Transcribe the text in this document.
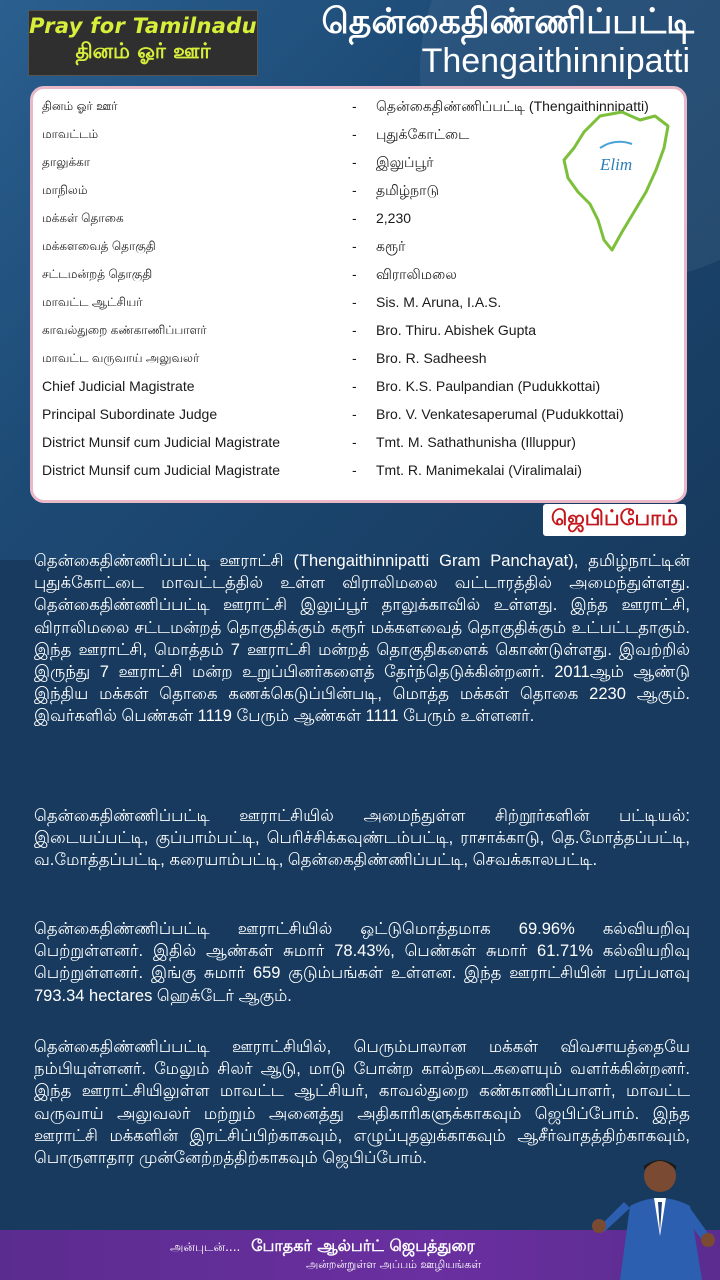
Pray for Tamilnadu
தினம் ஓர் ஊர்
தென்கைதிண்ணிப்பட்டி
Thengaithinnipatti
தினம் ஓர் ஊர்	- தென்கைதிண்ணிப்பட்டி (Thengaithinnipatti)
மாவட்டம்	- புதுக்கோட்டை
தாலுக்கா	- இலுப்பூர்
மாநிலம்	- தமிழ்நாடு
மக்கள் தொகை	- 2,230
மக்களவைத் தொகுதி	- கரூர்
சட்டமன்றத் தொகுதி	- விராலிமலை
மாவட்ட ஆட்சியர்	- Sis. M. Aruna, I.A.S.
காவல்துறை கண்காணிப்பாளர்	- Bro. Thiru. Abishek Gupta
மாவட்ட வருவாய் அலுவலர்	- Bro. R. Sadheesh
Chief Judicial Magistrate	- Bro. K.S. Paulpandian (Pudukkottai)
Principal Subordinate Judge	- Bro. V. Venkatesaperumal (Pudukkottai)
District Munsif cum Judicial Magistrate	- Tmt. M. Sathathunisha (Illuppur)
District Munsif cum Judicial Magistrate	- Tmt. R. Manimekalai (Viralimalai)
Elim
ஜெபிப்போம்
தென்கைதிண்ணிப்பட்டி ஊராட்சி (Thengaithinnipatti Gram Panchayat), தமிழ்நாட்டின் புதுக்கோட்டை மாவட்டத்தில் உள்ள விராலிமலை வட்டாரத்தில் அமைந்துள்ளது. தென்கைதிண்ணிப்பட்டி ஊராட்சி இலுப்பூர் தாலுக்காவில் உள்ளது. இந்த ஊராட்சி, விராலிமலை சட்டமன்றத் தொகுதிக்கும் கரூர் மக்களவைத் தொகுதிக்கும் உட்பட்டதாகும். இந்த ஊராட்சி, மொத்தம் 7 ஊராட்சி மன்றத் தொகுதிகளைக் கொண்டுள்ளது. இவற்றில் இருந்து 7 ஊராட்சி மன்ற உறுப்பினர்களைத் தேர்ந்தெடுக்கின்றனர். 2011ஆம் ஆண்டு இந்திய மக்கள் தொகை கணக்கெடுப்பின்படி, மொத்த மக்கள் தொகை 2230 ஆகும். இவர்களில் பெண்கள் 1119 பேரும் ஆண்கள் 1111 பேரும் உள்ளனர்.
தென்கைதிண்ணிப்பட்டி ஊராட்சியில் அமைந்துள்ள சிற்றூர்களின் பட்டியல்: இடையப்பட்டி, குப்பாம்பட்டி, பெரிச்சிக்கவுண்டம்பட்டி, ராசாக்காடு, தெ.மோத்தப்பட்டி, வ.மோத்தப்பட்டி, கரையாம்பட்டி, தென்கைதிண்ணிப்பட்டி, செவக்காலபட்டி.
தென்கைதிண்ணிப்பட்டி ஊராட்சியில் ஒட்டுமொத்தமாக 69.96% கல்வியறிவு பெற்றுள்ளனர். இதில் ஆண்கள் சுமார் 78.43%, பெண்கள் சுமார் 61.71% கல்வியறிவு பெற்றுள்ளனர். இங்கு சுமார் 659 குடும்பங்கள் உள்ளன. இந்த ஊராட்சியின் பரப்பளவு 793.34 hectares ஹெக்டேர் ஆகும்.
தென்கைதிண்ணிப்பட்டி ஊராட்சியில், பெரும்பாலான மக்கள் விவசாயத்தையே நம்பியுள்ளனர். மேலும் சிலர் ஆடு, மாடு போன்ற கால்நடைகளையும் வளர்க்கின்றனர். இந்த ஊராட்சியிலுள்ள மாவட்ட ஆட்சியர், காவல்துறை கண்காணிப்பாளர், மாவட்ட வருவாய் அலுவலர் மற்றும் அனைத்து அதிகாரிகளுக்காகவும் ஜெபிப்போம். இந்த ஊராட்சி மக்களின் இரட்சிப்பிற்காகவும், எழுப்புதலுக்காகவும் ஆசீர்வாதத்திற்காகவும், பொருளாதார முன்னேற்றத்திற்காகவும் ஜெபிப்போம்.
அன்புடன்.... போதகர் ஆல்பர்ட் ஜெபத்துரை
அன்றன்றுள்ள அப்பம் ஊழியங்கள்
